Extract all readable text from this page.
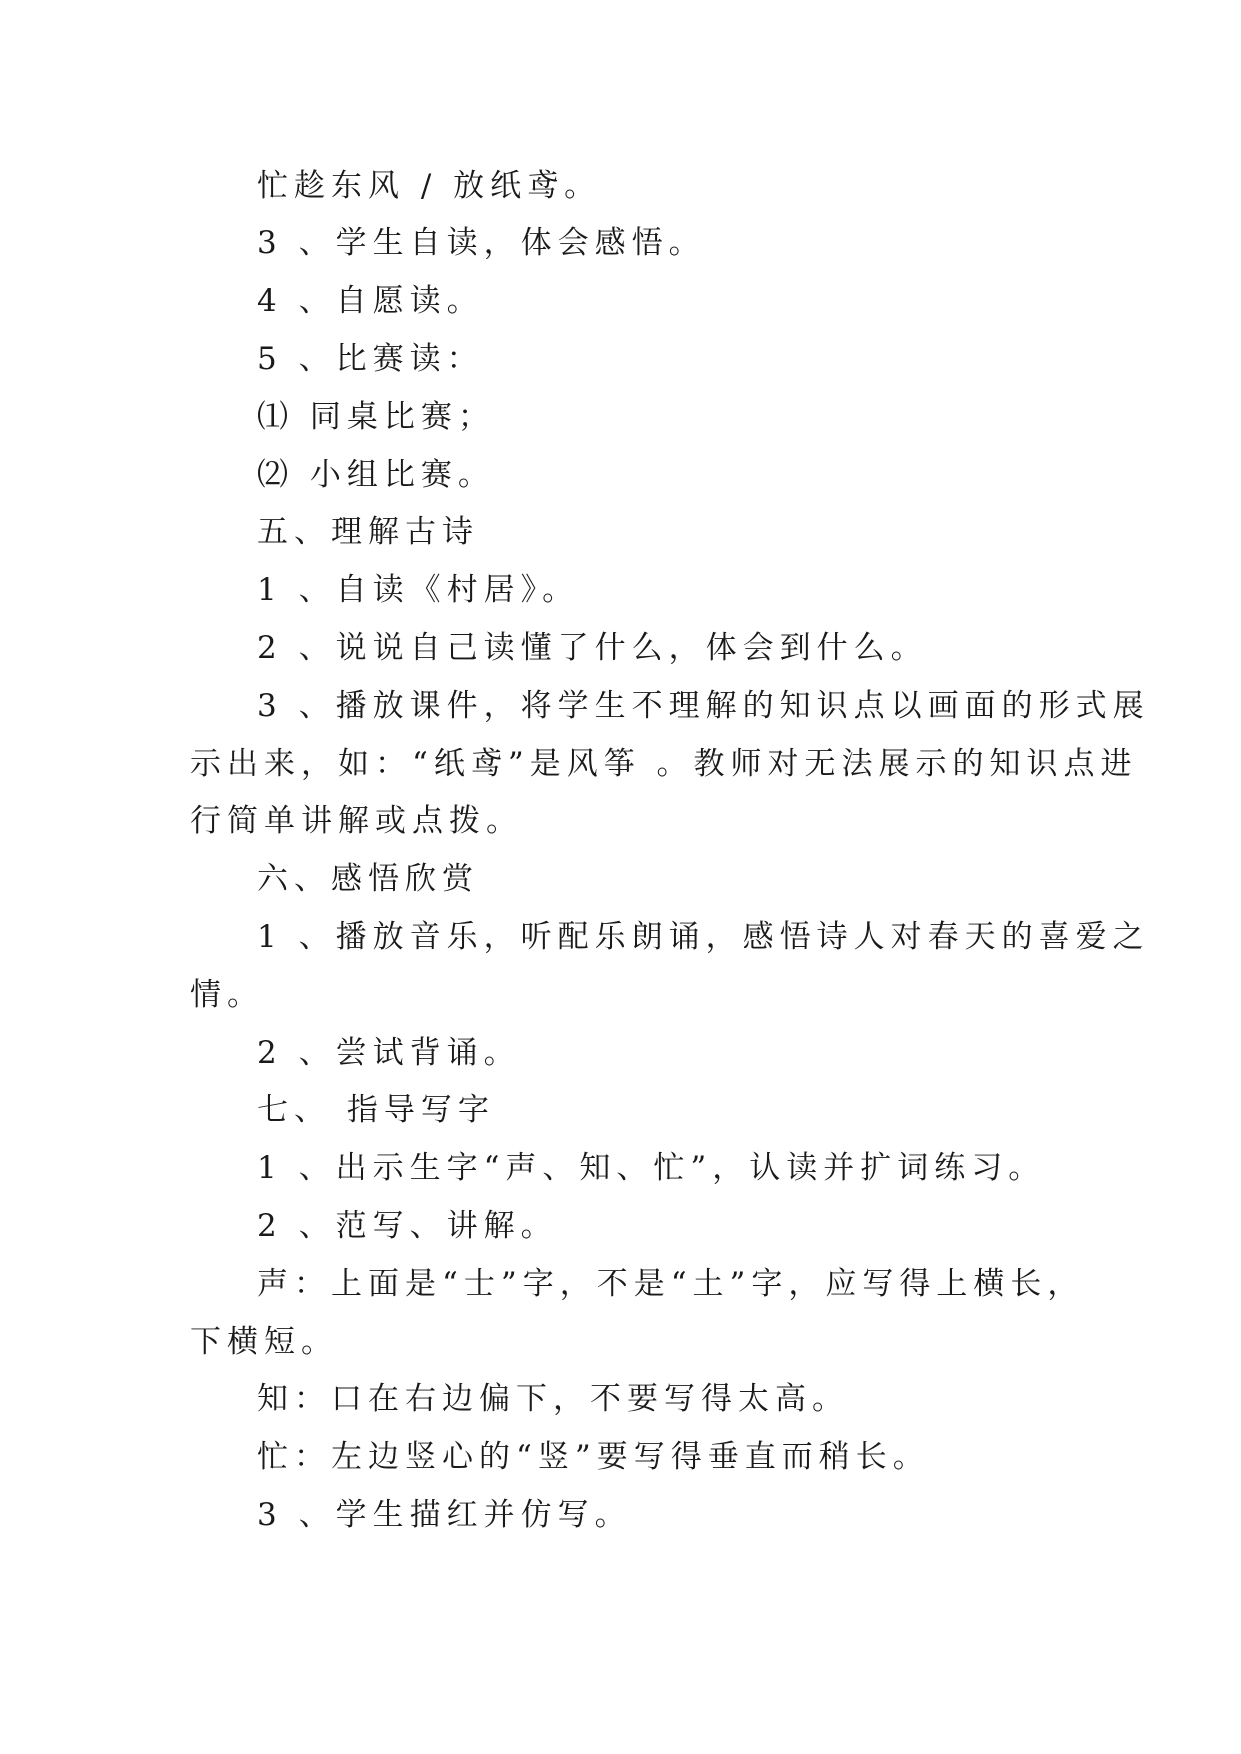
忙趁东风 / 放纸鸢。

3 、学生自读，体会感悟。

4 、自愿读。

5 、比赛读：

⑴ 同桌比赛；

⑵ 小组比赛。

五、理解古诗

1 、自读《村居》。

2 、说说自己读懂了什么，体会到什么。

3 、播放课件，将学生不理解的知识点以画面的形式展

示出来，如：“纸鸢”是风筝 。教师对无法展示的知识点进

行简单讲解或点拨。

六、感悟欣赏

1 、播放音乐，听配乐朗诵，感悟诗人对春天的喜爱之

情。

2 、尝试背诵。

七、 指导写字

1 、出示生字“声、知、忙”，认读并扩词练习。

2 、范写、讲解。

声：上面是“士”字，不是“土”字，应写得上横长，

下横短。

知：口在右边偏下，不要写得太高。

忙：左边竖心的“竖”要写得垂直而稍长。

3 、学生描红并仿写。
